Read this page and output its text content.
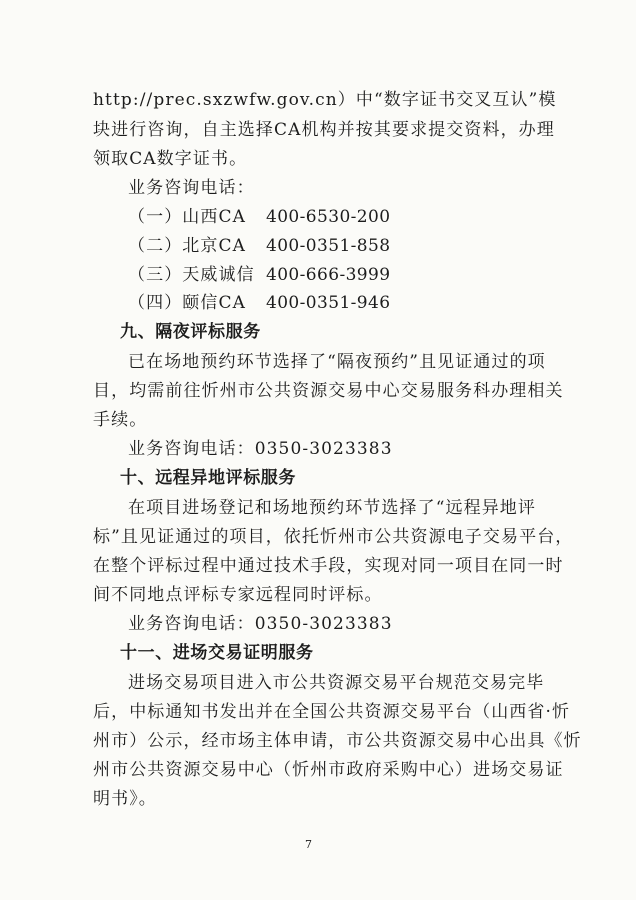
http://prec.sxzwfw.gov.cn）中“数字证书交叉互认”模
块进行咨询，自主选择CA机构并按其要求提交资料，办理
领取CA数字证书。
业务咨询电话：
（一）山西CA 400-6530-200
（二）北京CA 400-0351-858
（三）天威诚信 400-666-3999
（四）颐信CA 400-0351-946
九、隔夜评标服务
已在场地预约环节选择了“隔夜预约”且见证通过的项
目，均需前往忻州市公共资源交易中心交易服务科办理相关
手续。
业务咨询电话：0350-3023383
十、远程异地评标服务
在项目进场登记和场地预约环节选择了“远程异地评
标”且见证通过的项目，依托忻州市公共资源电子交易平台，
在整个评标过程中通过技术手段，实现对同一项目在同一时
间不同地点评标专家远程同时评标。
业务咨询电话：0350-3023383
十一、进场交易证明服务
进场交易项目进入市公共资源交易平台规范交易完毕
后，中标通知书发出并在全国公共资源交易平台（山西省·忻
州市）公示，经市场主体申请，市公共资源交易中心出具《忻
州市公共资源交易中心（忻州市政府采购中心）进场交易证
明书》。
7
